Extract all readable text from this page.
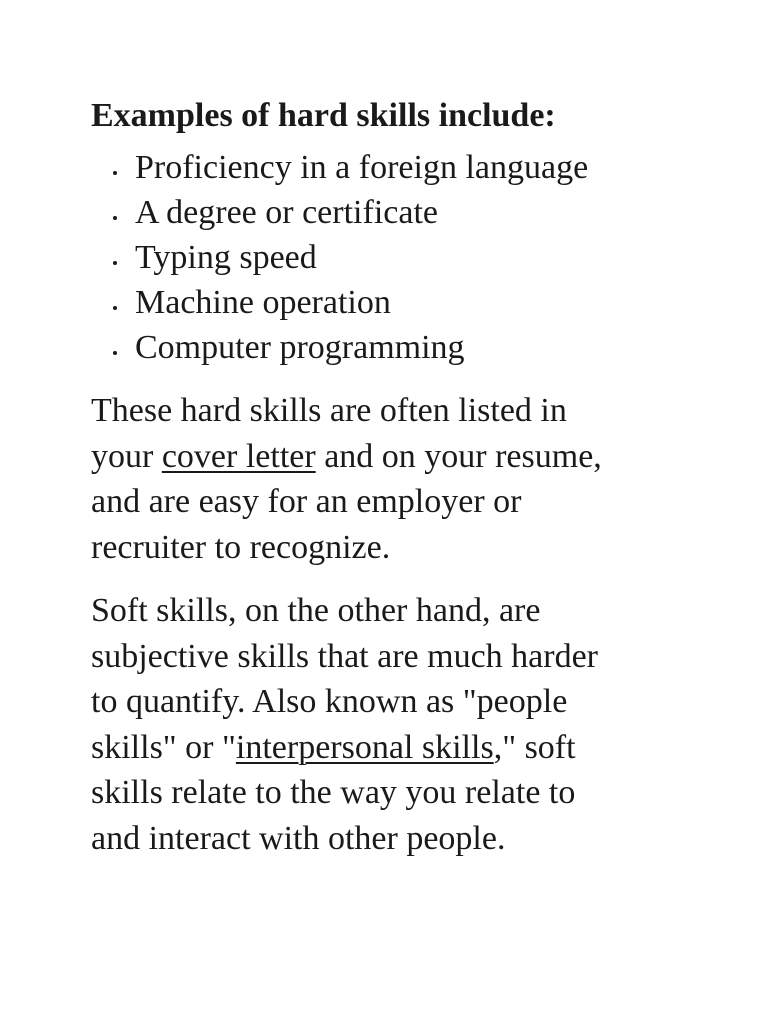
Examples of hard skills include:
Proficiency in a foreign language
A degree or certificate
Typing speed
Machine operation
Computer programming

These hard skills are often listed in
your cover letter and on your resume,
and are easy for an employer or
recruiter to recognize.

Soft skills, on the other hand, are
subjective skills that are much harder
to quantify. Also known as "people
skills" or "interpersonal skills," soft
skills relate to the way you relate to
and interact with other people.
